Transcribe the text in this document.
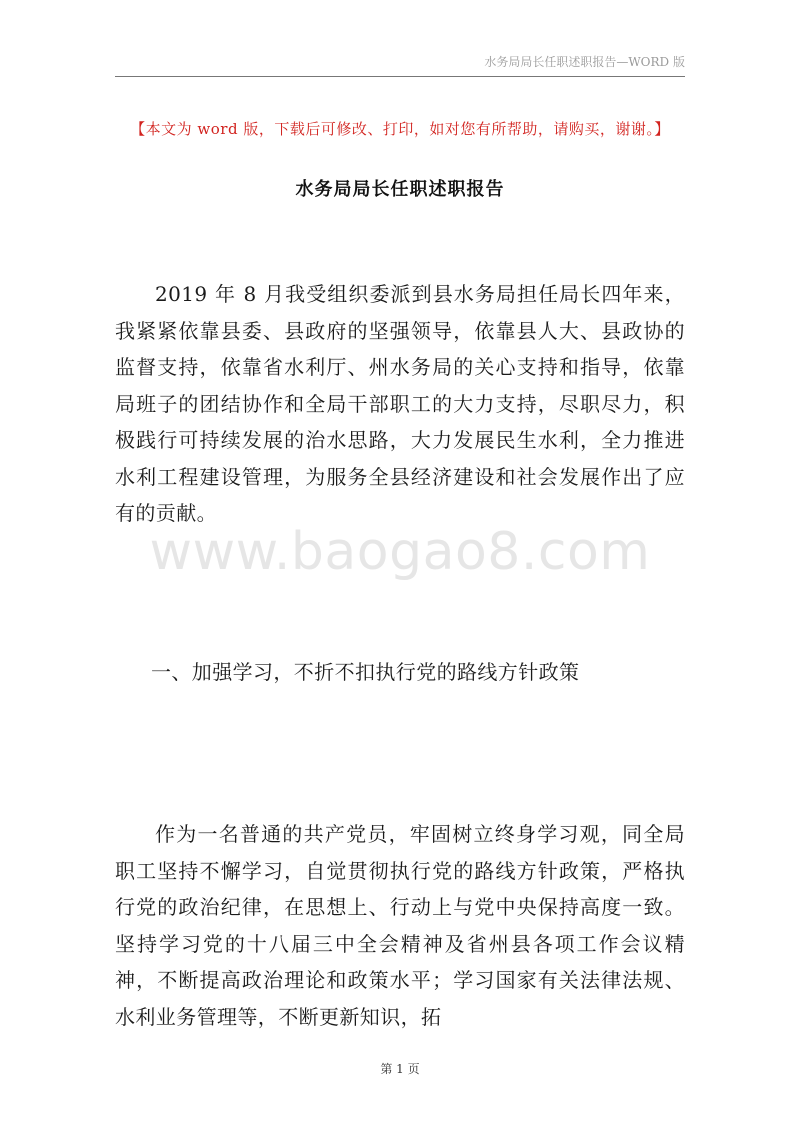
水务局局长任职述职报告—WORD 版
【本文为 word 版，下载后可修改、打印，如对您有所帮助，请购买，谢谢。】
水务局局长任职述职报告

2019 年 8 月我受组织委派到县水务局担任局长四年来，我紧紧依靠县委、县政府的坚强领导，依靠县人大、县政协的监督支持，依靠省水利厅、州水务局的关心支持和指导，依靠局班子的团结协作和全局干部职工的大力支持，尽职尽力，积极践行可持续发展的治水思路，大力发展民生水利，全力推进水利工程建设管理，为服务全县经济建设和社会发展作出了应有的贡献。

www.baogao8.com
一、加强学习，不折不扣执行党的路线方针政策

作为一名普通的共产党员，牢固树立终身学习观，同全局职工坚持不懈学习，自觉贯彻执行党的路线方针政策，严格执行党的政治纪律，在思想上、行动上与党中央保持高度一致。坚持学习党的十八届三中全会精神及省州县各项工作会议精神，不断提高政治理论和政策水平；学习国家有关法律法规、水利业务管理等，不断更新知识，拓

第 1 页
